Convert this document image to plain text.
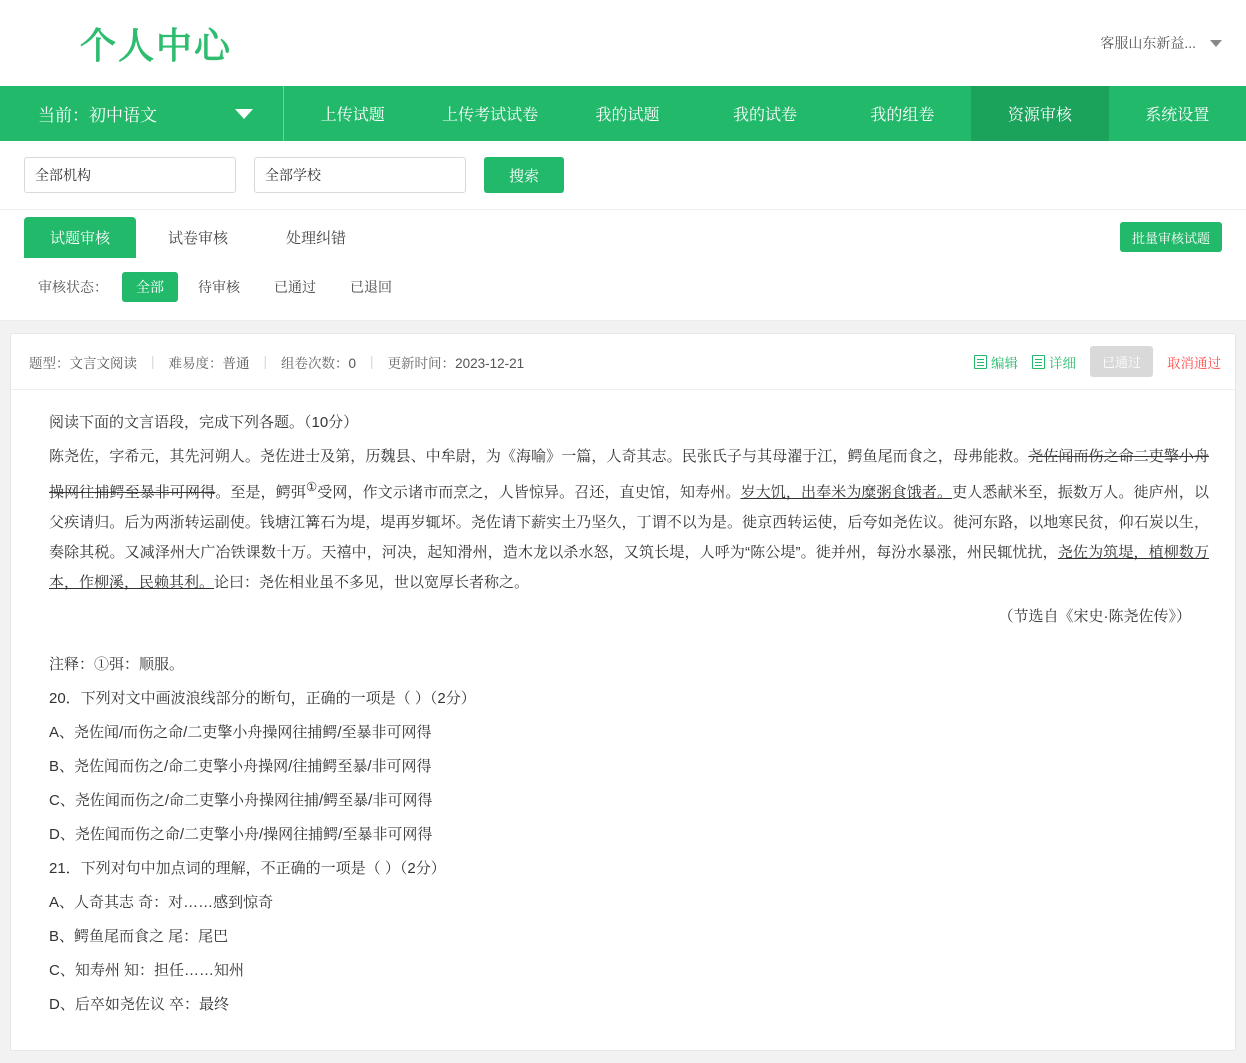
个人中心	客服山东新益...
当前：初中语文	上传试题	上传考试试卷	我的试题	我的试卷	我的组卷	资源审核	系统设置
全部机构	全部学校	搜索
试题审核	试卷审核	处理纠错	批量审核试题
审核状态：	全部	待审核	已通过	已退回
题型：文言文阅读	|	难易度：普通	|	组卷次数：0	|	更新时间：2023-12-21	编辑 详细	已通过	取消通过

阅读下面的文言语段，完成下列各题。（10分）

陈尧佐，字希元，其先河朔人。尧佐进士及第，历魏县、中牟尉，为《海喻》一篇，人奇其志。民张氏子与其母濯于江，鳄鱼尾而食之，母弗能救。尧佐闻而伤之命二吏擎小舟操网往捕鳄至暴非可网得。至是，鳄弭①受网，作文示诸市而烹之，人皆惊异。召还，直史馆，知寿州。岁大饥，出奉米为糜粥食饿者。吏人悉献米至，振数万人。徙庐州，以父疾请归。后为两浙转运副使。钱塘江篝石为堤，堤再岁辄坏。尧佐请下薪实土乃坚久，丁谓不以为是。徙京西转运使，后夸如尧佐议。徙河东路，以地寒民贫，仰石炭以生，奏除其税。又减泽州大广冶铁课数十万。天禧中，河决，起知滑州，造木龙以杀水怒，又筑长堤，人呼为“陈公堤”。徙并州，每汾水暴涨，州民辄忧扰，尧佐为筑堤，植柳数万本，作柳溪，民赖其利。论曰：尧佐相业虽不多见，世以宽厚长者称之。

（节选自《宋史·陈尧佐传》）

注释：①弭：顺服。

20．下列对文中画波浪线部分的断句，正确的一项是（ ）（2分）

A、尧佐闻/而伤之命/二吏擎小舟操网往捕鳄/至暴非可网得

B、尧佐闻而伤之/命二吏擎小舟操网/往捕鳄至暴/非可网得

C、尧佐闻而伤之/命二吏擎小舟操网往捕/鳄至暴/非可网得

D、尧佐闻而伤之命/二吏擎小舟/操网往捕鳄/至暴非可网得

21．下列对句中加点词的理解，不正确的一项是（ ）（2分）

A、人奇其志 奇：对……感到惊奇

B、鳄鱼尾而食之 尾：尾巴

C、知寿州 知：担任……知州

D、后卒如尧佐议 卒：最终
